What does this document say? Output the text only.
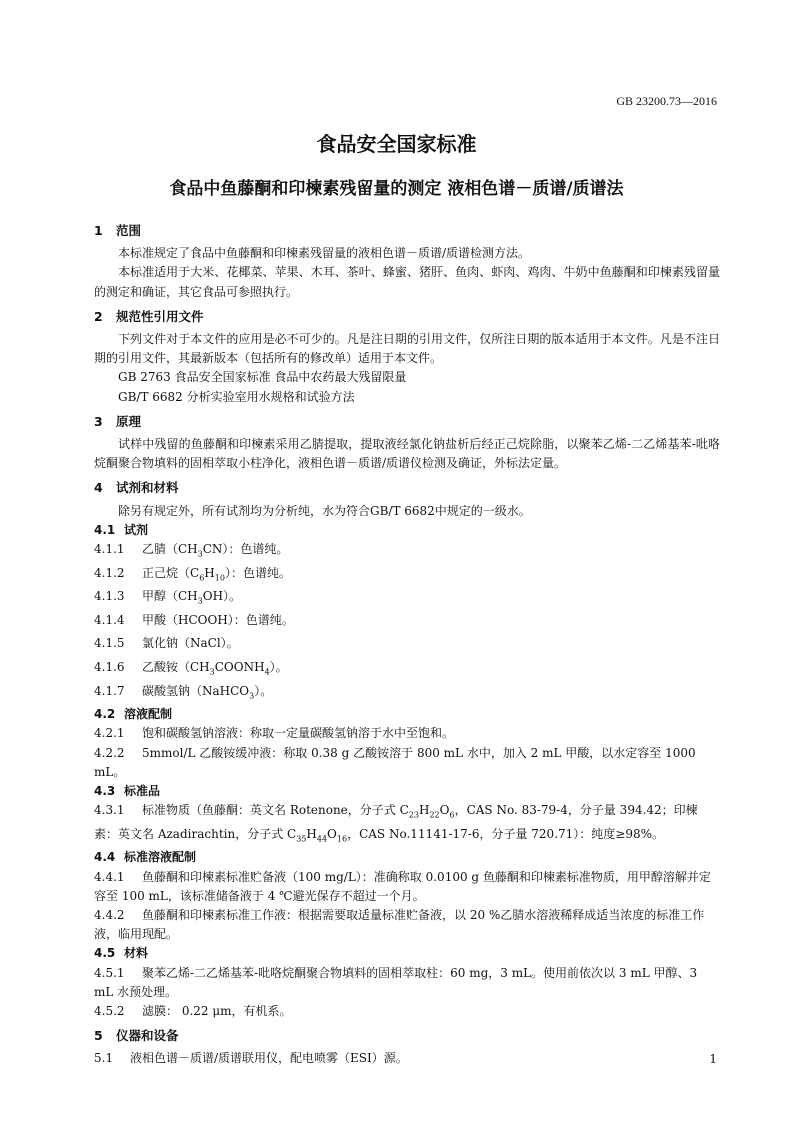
GB 23200.73—2016
食品安全国家标准
食品中鱼藤酮和印楝素残留量的测定 液相色谱－质谱/质谱法
1 范围
本标准规定了食品中鱼藤酮和印楝素残留量的液相色谱－质谱/质谱检测方法。
本标准适用于大米、花椰菜、苹果、木耳、茶叶、蜂蜜、猪肝、鱼肉、虾肉、鸡肉、牛奶中鱼藤酮和印楝素残留量的测定和确证，其它食品可参照执行。
2 规范性引用文件
下列文件对于本文件的应用是必不可少的。凡是注日期的引用文件，仅所注日期的版本适用于本文件。凡是不注日期的引用文件，其最新版本（包括所有的修改单）适用于本文件。
GB 2763 食品安全国家标准 食品中农药最大残留限量
GB/T 6682 分析实验室用水规格和试验方法
3 原理
试样中残留的鱼藤酮和印楝素采用乙腈提取，提取液经氯化钠盐析后经正己烷除脂，以聚苯乙烯-二乙烯基苯-吡咯烷酮聚合物填料的固相萃取小柱净化，液相色谱－质谱/质谱仪检测及确证，外标法定量。
4 试剂和材料
除另有规定外，所有试剂均为分析纯，水为符合GB/T 6682中规定的一级水。
4.1 试剂
4.1.1 乙腈$(CH_3CN)$：色谱纯。
4.1.2 正己烷$(C_6H_{10})$：色谱纯。
4.1.3 甲醇$(CH_3OH)$。
4.1.4 甲酸（HCOOH）：色谱纯。
4.1.5 氯化钠（NaCl）。
4.1.6 乙酸铵$(CH_3COONH_4)$。
4.1.7 碳酸氢钠（NaHCO$_3$）。
4.2 溶液配制
4.2.1 饱和碳酸氢钠溶液：称取一定量碳酸氢钠溶于水中至饱和。
4.2.2 5mmol/L 乙酸铵缓冲液：称取 0.38 g 乙酸铵溶于 800 mL 水中，加入 2 mL 甲酸，以水定容至 1000 mL。
4.3 标准品
4.3.1 标准物质（鱼藤酮：英文名 Rotenone，分子式 $C_{23}H_{22}O_6$，CAS No. 83-79-4，分子量 394.42；印楝素：英文名 Azadirachtin，分子式 $C_{35}H_{44}O_{16}$，CAS No.11141-17-6，分子量 720.71）：纯度≥98%。
4.4 标准溶液配制
4.4.1 鱼藤酮和印楝素标准贮备液（100 mg/L）：准确称取 0.0100 g 鱼藤酮和印楝素标准物质，用甲醇溶解并定容至 100 mL，该标准储备液于 4 ℃避光保存不超过一个月。
4.4.2 鱼藤酮和印楝素标准工作液：根据需要取适量标准贮备液，以 20 %乙腈水溶液稀释成适当浓度的标准工作液，临用现配。
4.5 材料
4.5.1 聚苯乙烯-二乙烯基苯-吡咯烷酮聚合物填料的固相萃取柱：60 mg，3 mL。使用前依次以 3 mL 甲醇、3 mL 水预处理。
4.5.2 滤膜： 0.22 μm，有机系。
5 仪器和设备
5.1 液相色谱－质谱/质谱联用仪，配电喷雾（ESI）源。	1
